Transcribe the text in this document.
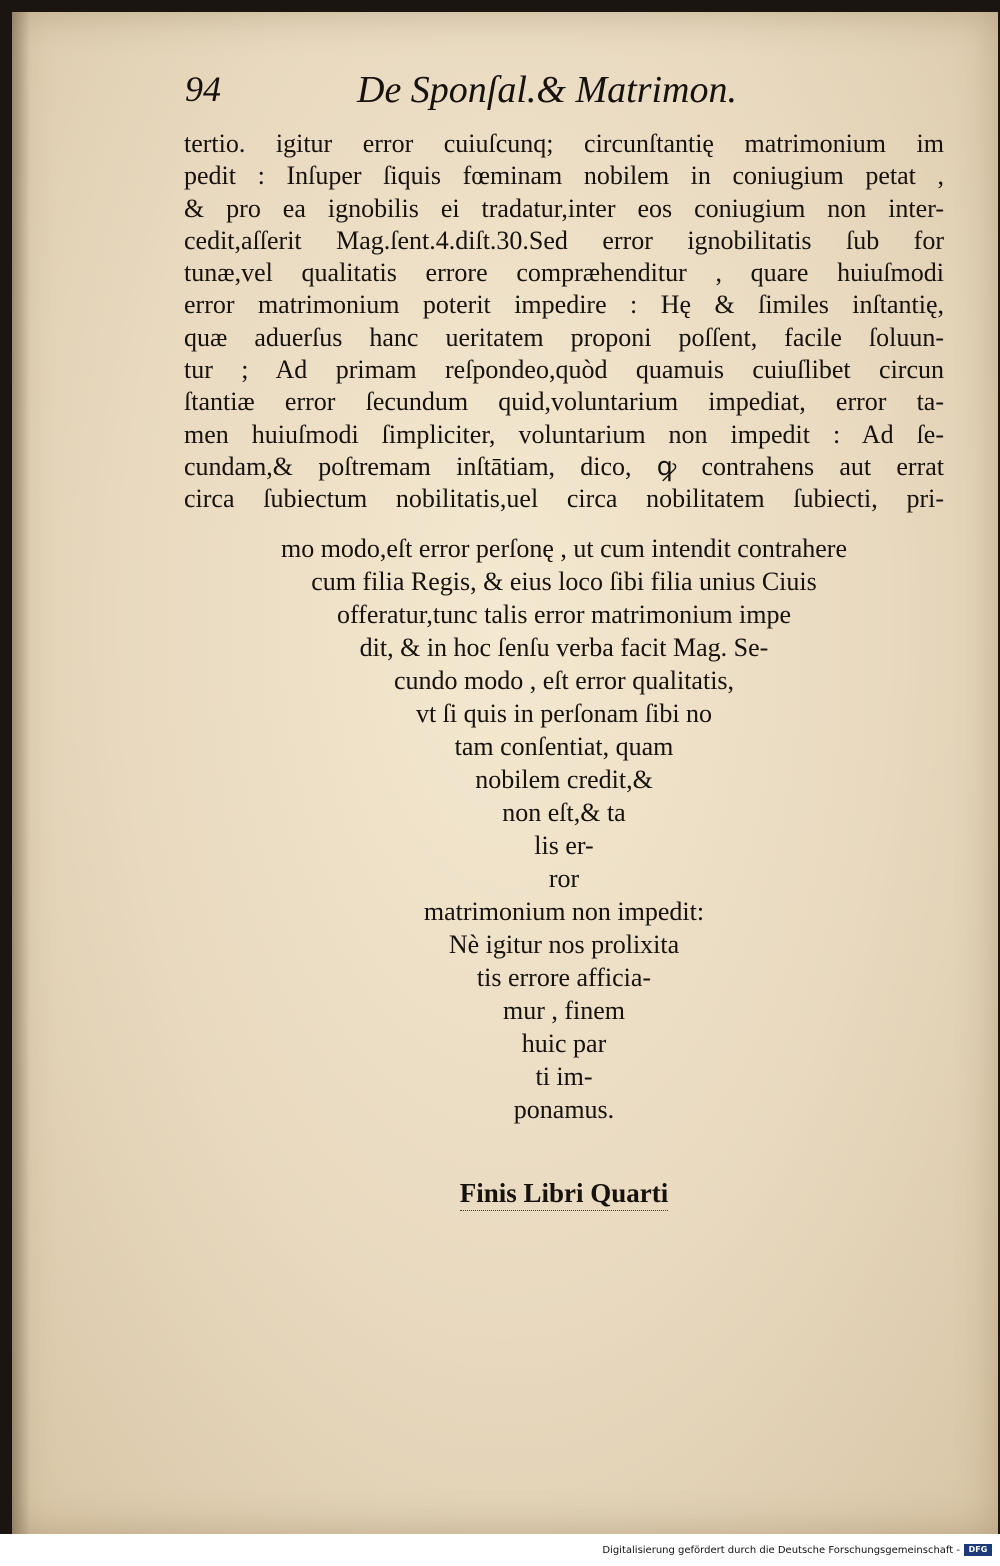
94	De Sponſal.& Matrimon.
tertio. igitur error cuiuſcunq; circunſtantię matrimonium im
pedit : Inſuper ſiquis fœminam nobilem in coniugium petat ,
& pro ea ignobilis ei tradatur,inter eos coniugium non inter-
cedit,aſſerit Mag.ſent.4.diſt.30.Sed error ignobilitatis ſub for
tunæ,vel qualitatis errore compræhenditur , quare huiuſmodi
error matrimonium poterit impedire : Hę & ſimiles inſtantię,
quæ aduerſus hanc ueritatem proponi poſſent, facile ſoluun-
tur ; Ad primam reſpondeo,quòd quamuis cuiuſlibet circun
ſtantiæ error ſecundum quid,voluntarium impediat, error ta-
men huiuſmodi ſimpliciter, voluntarium non impedit : Ad ſe-
cundam,& poſtremam inſtātiam, dico, ꝙ contrahens aut errat
circa ſubiectum nobilitatis,uel circa nobilitatem ſubiecti, pri-
mo modo,eſt error perſonę , ut cum intendit contrahere
cum filia Regis, & eius loco ſibi filia unius Ciuis
offeratur,tunc talis error matrimonium impe
dit, & in hoc ſenſu verba facit Mag. Se-
cundo modo , eſt error qualitatis,
vt ſi quis in perſonam ſibi no
tam conſentiat, quam
nobilem credit,&
non eſt,& ta
lis er-
ror
matrimonium non impedit:
Nè igitur nos prolixita
tis errore afficia-
mur , finem
huic par
ti im-
ponamus.
Finis Libri Quarti
Digitalisierung gefördert durch die Deutsche Forschungsgemeinschaft -	DFG
